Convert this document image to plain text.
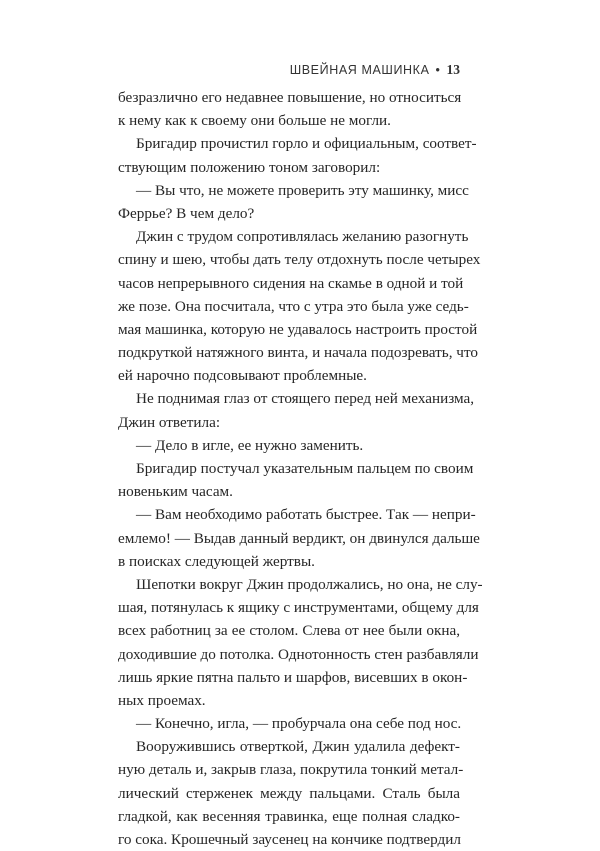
ШВЕЙНАЯ МАШИНКА • 13
безразлично его недавнее повышение, но относиться
к нему как к своему они больше не могли.
Бригадир прочистил горло и официальным, соответ-
ствующим положению тоном заговорил:
— Вы что, не можете проверить эту машинку, мисс
Феррье? В чем дело?
Джин с трудом сопротивлялась желанию разогнуть
спину и шею, чтобы дать телу отдохнуть после четырех
часов непрерывного сидения на скамье в одной и той
же позе. Она посчитала, что с утра это была уже седь-
мая машинка, которую не удавалось настроить простой
подкруткой натяжного винта, и начала подозревать, что
ей нарочно подсовывают проблемные.
Не поднимая глаз от стоящего перед ней механизма,
Джин ответила:
— Дело в игле, ее нужно заменить.
Бригадир постучал указательным пальцем по своим
новеньким часам.
— Вам необходимо работать быстрее. Так — непри-
емлемо! — Выдав данный вердикт, он двинулся дальше
в поисках следующей жертвы.
Шепотки вокруг Джин продолжались, но она, не слу-
шая, потянулась к ящику с инструментами, общему для
всех работниц за ее столом. Слева от нее были окна,
доходившие до потолка. Однотонность стен разбавляли
лишь яркие пятна пальто и шарфов, висевших в окон-
ных проемах.
— Конечно, игла, — пробурчала она себе под нос.
Вооружившись отверткой, Джин удалила дефект-
ную деталь и, закрыв глаза, покрутила тонкий метал-
лический стерженек между пальцами. Сталь была
гладкой, как весенняя травинка, еще полная сладко-
го сока. Крошечный заусенец на кончике подтвердил
